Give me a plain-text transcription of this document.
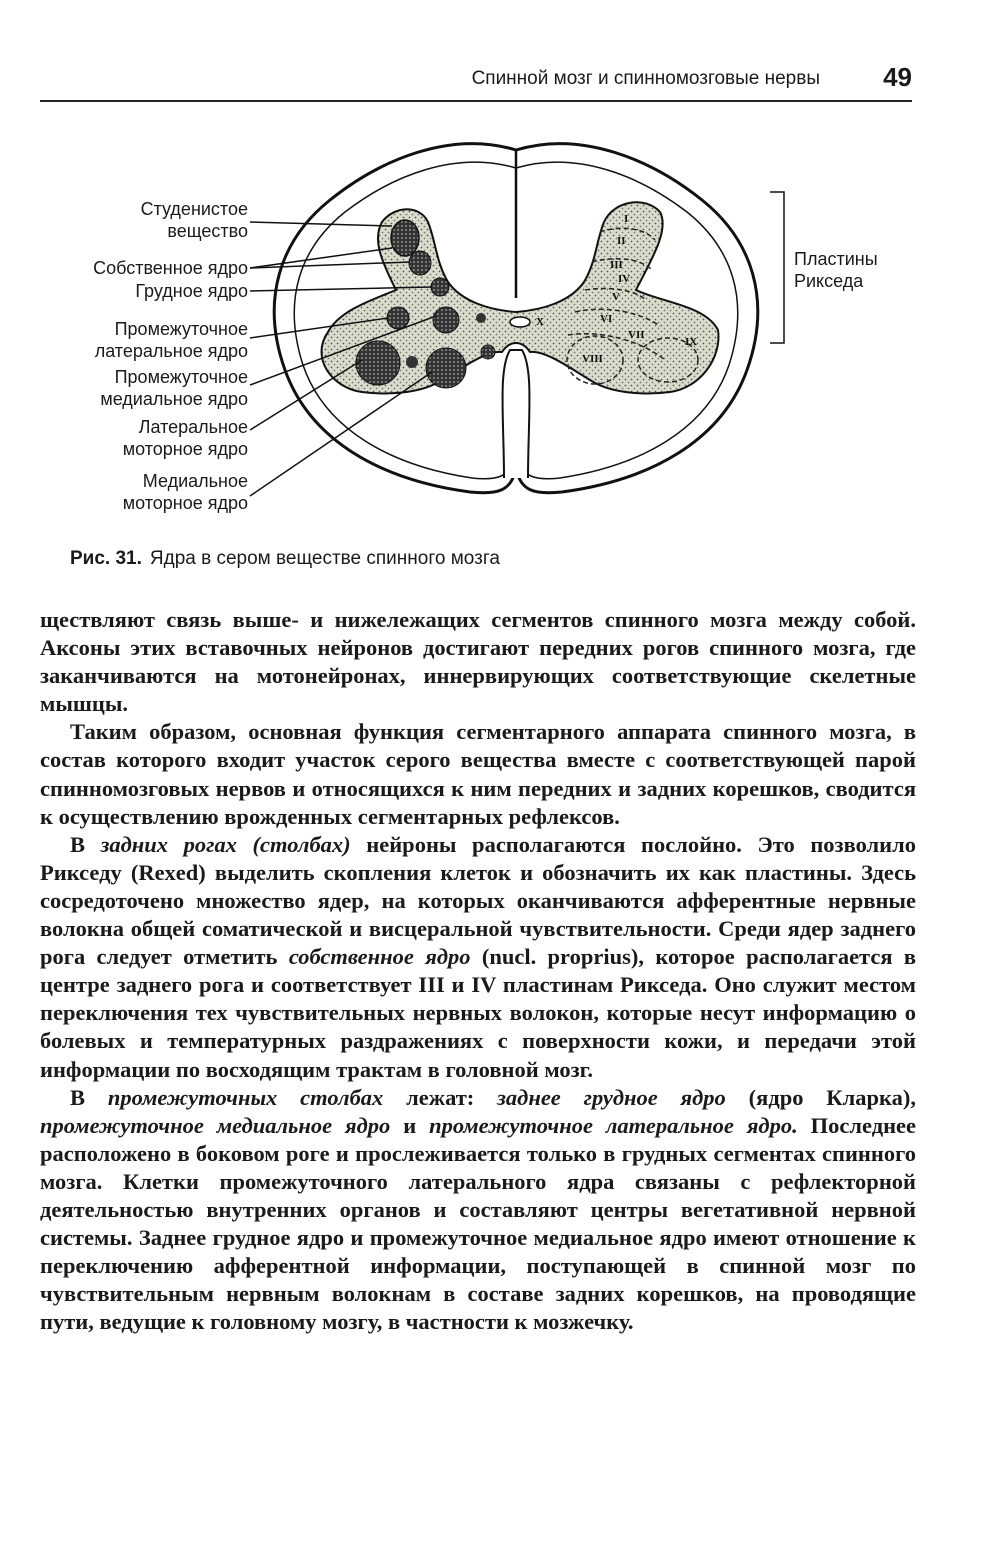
Спинной мозг и спинномозговые нервы 49
I
II
III
IV
V
VI
VII
VIII
IX
X
Студенистое
вещество
Собственное ядро
Грудное ядро
Промежуточное
латеральное ядро
Промежуточное
медиальное ядро
Латеральное
моторное ядро
Медиальное
моторное ядро
Пластины
Рикседа
Рис. 31. Ядра в сером веществе спинного мозга

ществляют связь выше- и нижележащих сегментов спинного мозга между собой. Аксоны этих вставочных нейронов достигают передних рогов спинного мозга, где заканчиваются на мотонейронах, иннервирующих соответствующие скелетные мышцы.

Таким образом, основная функция сегментарного аппарата спинного мозга, в состав которого входит участок серого вещества вместе с соответствующей парой спинномозговых нервов и относящихся к ним передних и задних корешков, сводится к осуществлению врожденных сегментарных рефлексов.

В задних рогах (столбах) нейроны располагаются послойно. Это позволило Рикседу (Rexed) выделить скопления клеток и обозначить их как пластины. Здесь сосредоточено множество ядер, на которых оканчиваются афферентные нервные волокна общей соматической и висцеральной чувствительности. Среди ядер заднего рога следует отметить собственное ядро (nucl. proprius), которое располагается в центре заднего рога и соответствует III и IV пластинам Рикседа. Оно служит местом переключения тех чувствительных нервных волокон, которые несут информацию о болевых и температурных раздражениях с поверхности кожи, и передачи этой информации по восходящим трактам в головной мозг.

В промежуточных столбах лежат: заднее грудное ядро (ядро Кларка), промежуточное медиальное ядро и промежуточное латеральное ядро. Последнее расположено в боковом роге и прослеживается только в грудных сегментах спинного мозга. Клетки промежуточного латерального ядра связаны с рефлекторной деятельностью внутренних органов и составляют центры вегетативной нервной системы. Заднее грудное ядро и промежуточное медиальное ядро имеют отношение к переключению афферентной информации, поступающей в спинной мозг по чувствительным нервным волокнам в составе задних корешков, на проводящие пути, ведущие к головному мозгу, в частности к мозжечку.
